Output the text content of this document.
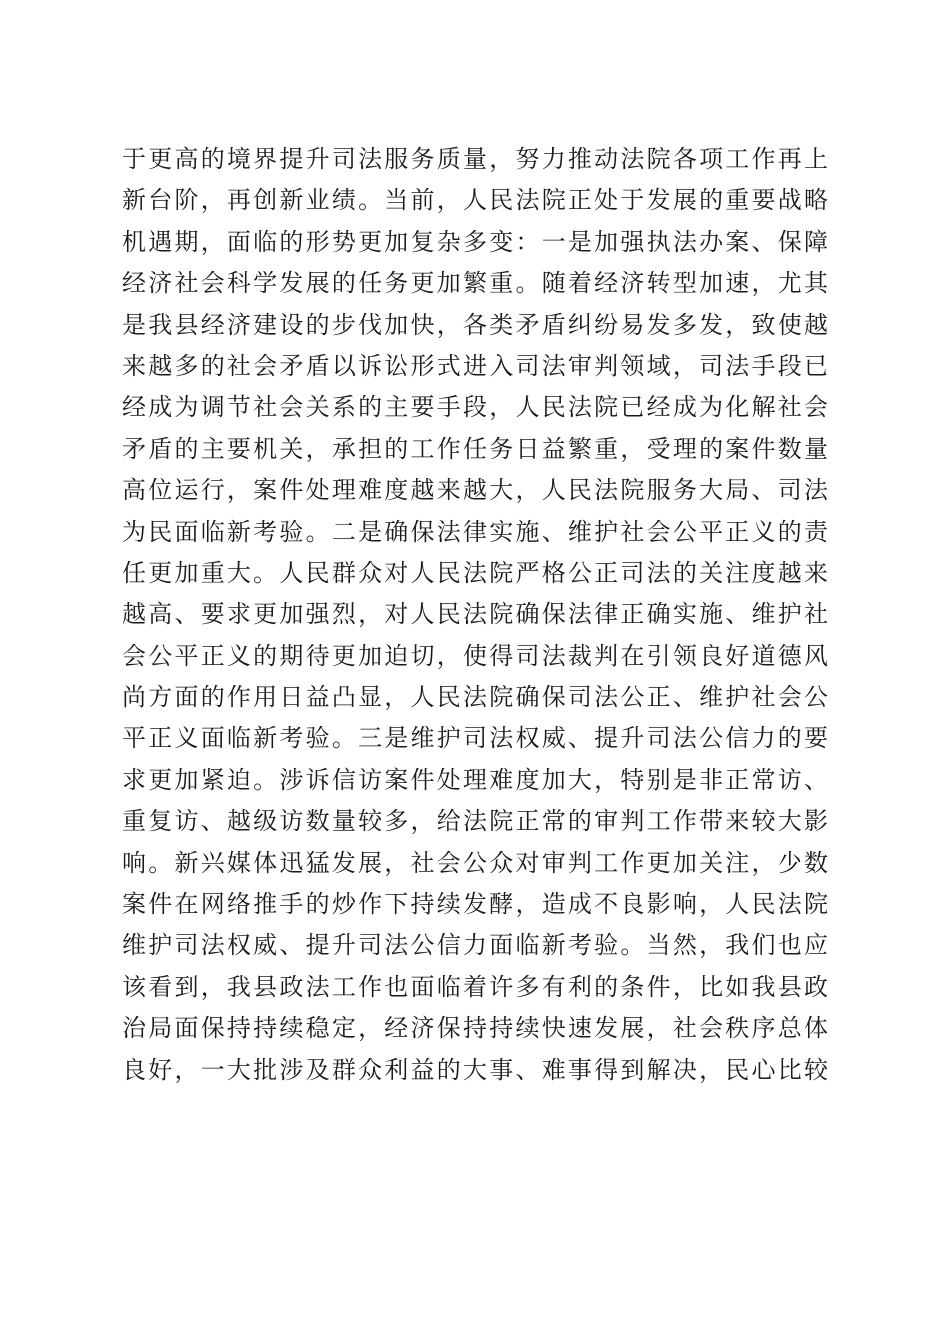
于更高的境界提升司法服务质量，努力推动法院各项工作再上
新台阶，再创新业绩。当前，人民法院正处于发展的重要战略
机遇期，面临的形势更加复杂多变：一是加强执法办案、保障
经济社会科学发展的任务更加繁重。随着经济转型加速，尤其
是我县经济建设的步伐加快，各类矛盾纠纷易发多发，致使越
来越多的社会矛盾以诉讼形式进入司法审判领域，司法手段已
经成为调节社会关系的主要手段，人民法院已经成为化解社会
矛盾的主要机关，承担的工作任务日益繁重，受理的案件数量
高位运行，案件处理难度越来越大，人民法院服务大局、司法
为民面临新考验。二是确保法律实施、维护社会公平正义的责
任更加重大。人民群众对人民法院严格公正司法的关注度越来
越高、要求更加强烈，对人民法院确保法律正确实施、维护社
会公平正义的期待更加迫切，使得司法裁判在引领良好道德风
尚方面的作用日益凸显，人民法院确保司法公正、维护社会公
平正义面临新考验。三是维护司法权威、提升司法公信力的要
求更加紧迫。涉诉信访案件处理难度加大，特别是非正常访、
重复访、越级访数量较多，给法院正常的审判工作带来较大影
响。新兴媒体迅猛发展，社会公众对审判工作更加关注，少数
案件在网络推手的炒作下持续发酵，造成不良影响，人民法院
维护司法权威、提升司法公信力面临新考验。当然，我们也应
该看到，我县政法工作也面临着许多有利的条件，比如我县政
治局面保持持续稳定，经济保持持续快速发展，社会秩序总体
良好，一大批涉及群众利益的大事、难事得到解决，民心比较
